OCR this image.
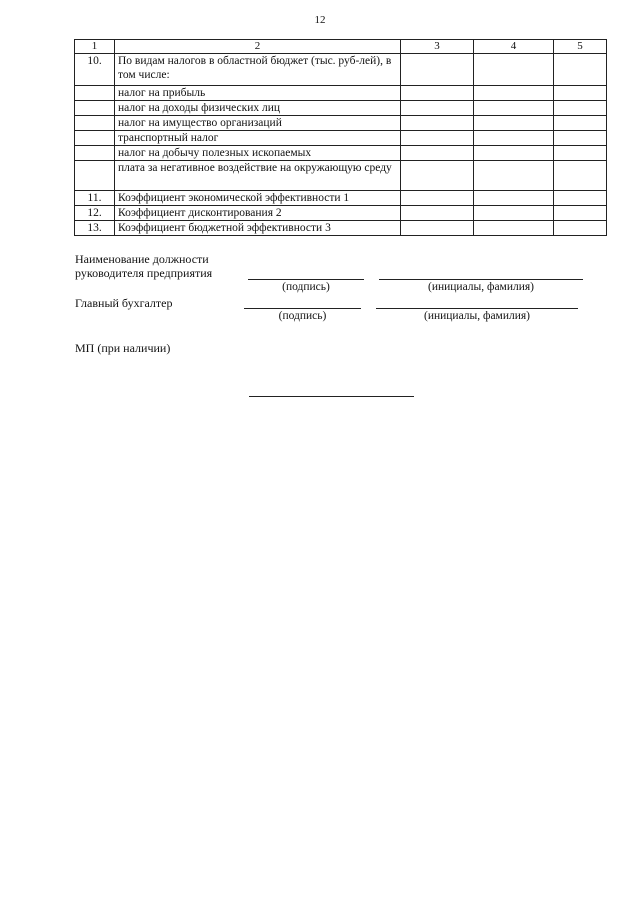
12
1	2	3	4	5
10.	По видам налогов в областной бюджет (тыс. руб-лей), в том числе:			
	налог на прибыль			
	налог на доходы физических лиц			
	налог на имущество организаций			
	транспортный налог			
	налог на добычу полезных ископаемых			
	плата за негативное воздействие на окружающую среду			
11.	Коэффициент экономической эффективности 1			
12.	Коэффициент дисконтирования 2			
13.	Коэффициент бюджетной эффективности 3			
Наименование должности
руководителя предприятия
(подпись)	(инициалы, фамилия)
Главный бухгалтер
(подпись)	(инициалы, фамилия)
МП (при наличии)
